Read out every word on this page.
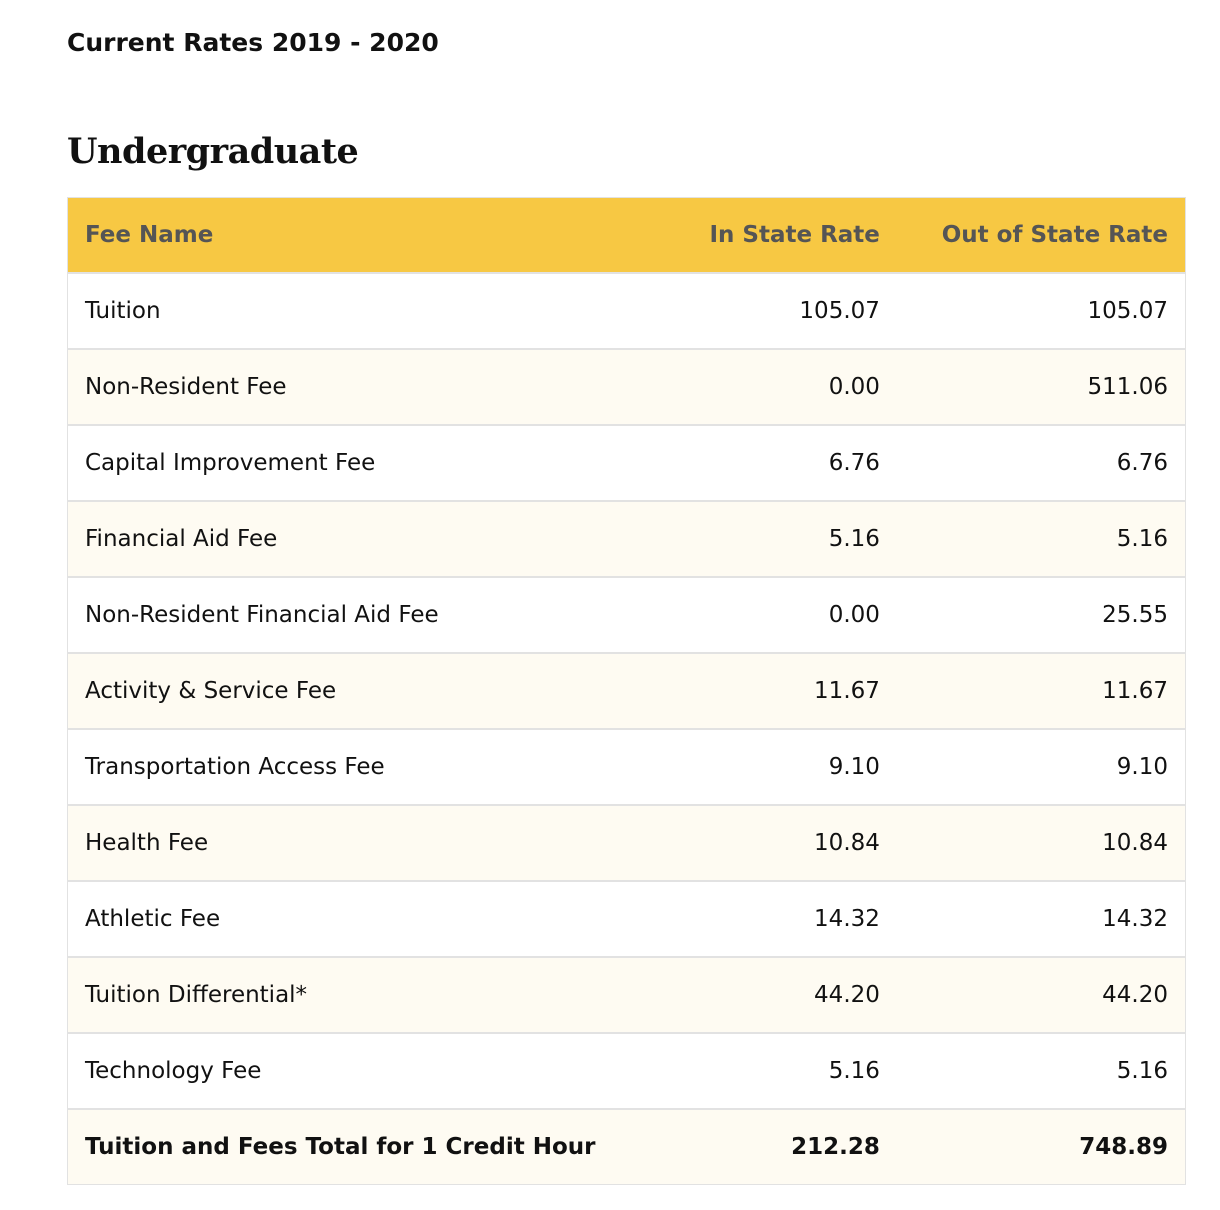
Current Rates 2019 - 2020
Undergraduate
Fee Name	In State Rate	Out of State Rate
Tuition	105.07	105.07
Non-Resident Fee	0.00	511.06
Capital Improvement Fee	6.76	6.76
Financial Aid Fee	5.16	5.16
Non-Resident Financial Aid Fee	0.00	25.55
Activity & Service Fee	11.67	11.67
Transportation Access Fee	9.10	9.10
Health Fee	10.84	10.84
Athletic Fee	14.32	14.32
Tuition Differential*	44.20	44.20
Technology Fee	5.16	5.16
Tuition and Fees Total for 1 Credit Hour	212.28	748.89
